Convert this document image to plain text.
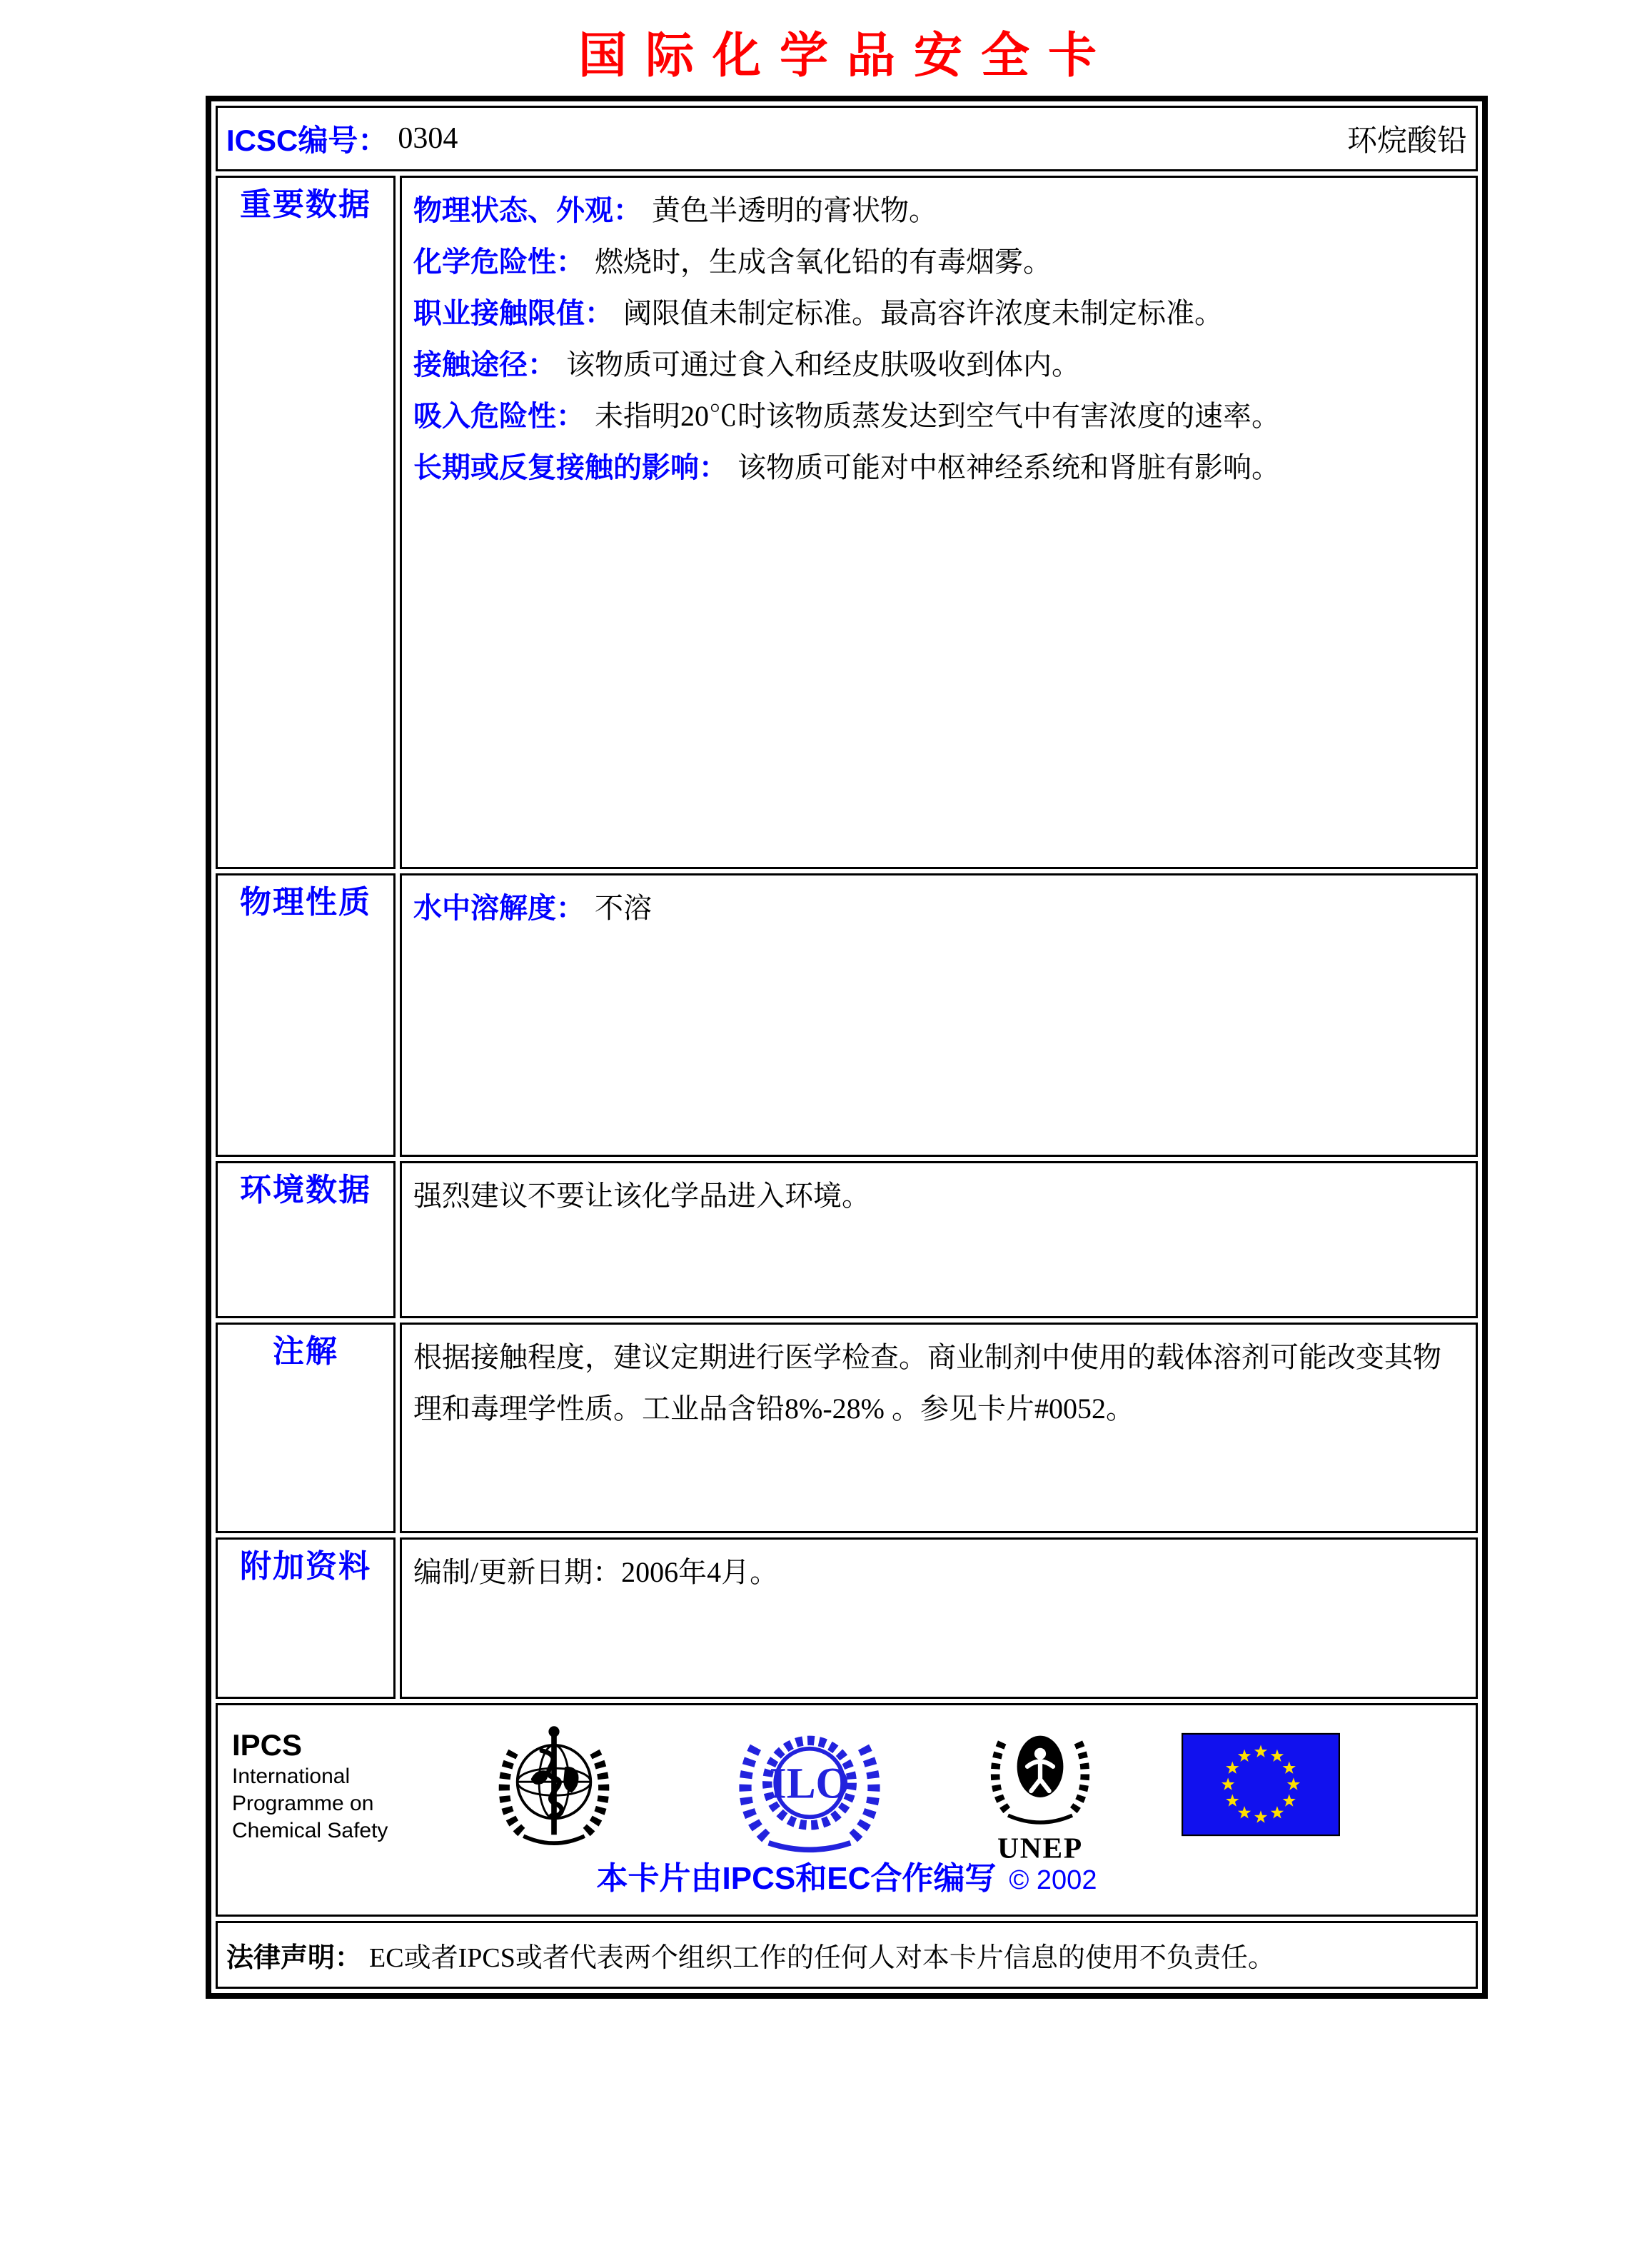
国际化学品安全卡
ICSC编号： 0304 环烷酸铅	

重要数据	物理状态、外观： 黄色半透明的膏状物。
化学危险性： 燃烧时，生成含氧化铅的有毒烟雾。
职业接触限值： 阈限值未制定标准。最高容许浓度未制定标准。
接触途径： 该物质可通过食入和经皮肤吸收到体内。
吸入危险性： 未指明20℃时该物质蒸发达到空气中有害浓度的速率。
长期或反复接触的影响： 该物质可能对中枢神经系统和肾脏有影响。

物理性质	水中溶解度： 不溶

环境数据	强烈建议不要让该化学品进入环境。
注解	根据接触程度，建议定期进行医学检查。商业制剂中使用的载体溶剂可能改变其物理和毒理学性质。工业品含铅8%-28% 。参见卡片#0052。
附加资料	编制/更新日期：2006年4月。

IPCS
International
Programme on
Chemical Safety
ILO
UNEP
本卡片由IPCS和EC合作编写 © 2002

法律声明： EC或者IPCS或者代表两个组织工作的任何人对本卡片信息的使用不负责任。	
